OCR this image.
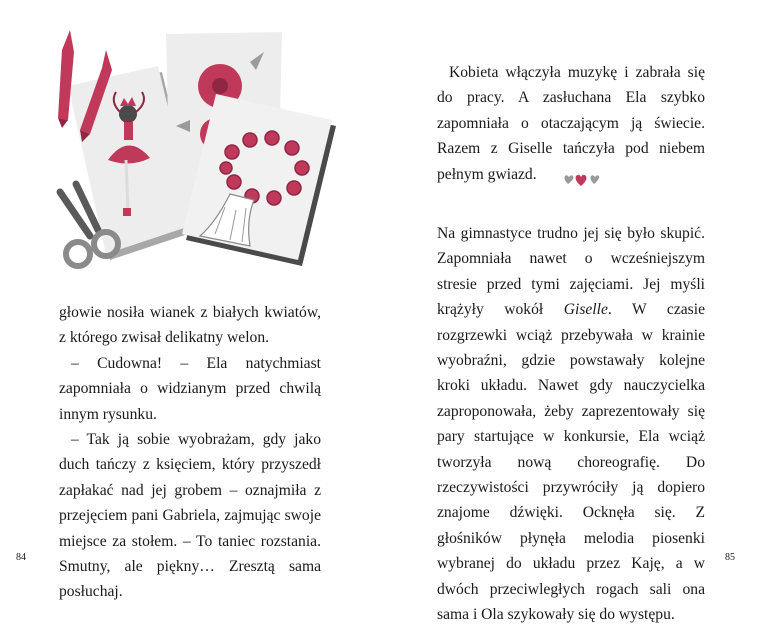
głowie nosiła wianek z białych kwiatów, z którego zwisał delikatny welon.

– Cudowna! – Ela natychmiast zapomniała o widzianym przed chwilą innym rysunku.

– Tak ją sobie wyobrażam, gdy jako duch tańczy z księciem, który przyszedł zapłakać nad jej grobem – oznajmiła z przejęciem pani Gabriela, zajmując swoje miejsce za stołem. – To taniec rozstania. Smutny, ale piękny… Zresztą sama posłuchaj.

84

Kobieta włączyła muzykę i zabrała się do pracy. A zasłuchana Ela szybko zapomniała o otaczającym ją świecie. Razem z Giselle tańczyła pod niebem pełnym gwiazd.

Na gimnastyce trudno jej się było skupić. Zapomniała nawet o wcześniejszym stresie przed tymi zajęciami. Jej myśli krążyły wokół Giselle. W czasie rozgrzewki wciąż przebywała w krainie wyobraźni, gdzie powstawały kolejne kroki układu. Nawet gdy nauczycielka zaproponowała, żeby zaprezentowały się pary startujące w konkursie, Ela wciąż tworzyła nową choreografię. Do rzeczywistości przywróciły ją dopiero znajome dźwięki. Ocknęła się. Z głośników płynęła melodia piosenki wybranej do układu przez Kaję, a w dwóch przeciwległych rogach sali ona sama i Ola szykowały się do występu.

85
